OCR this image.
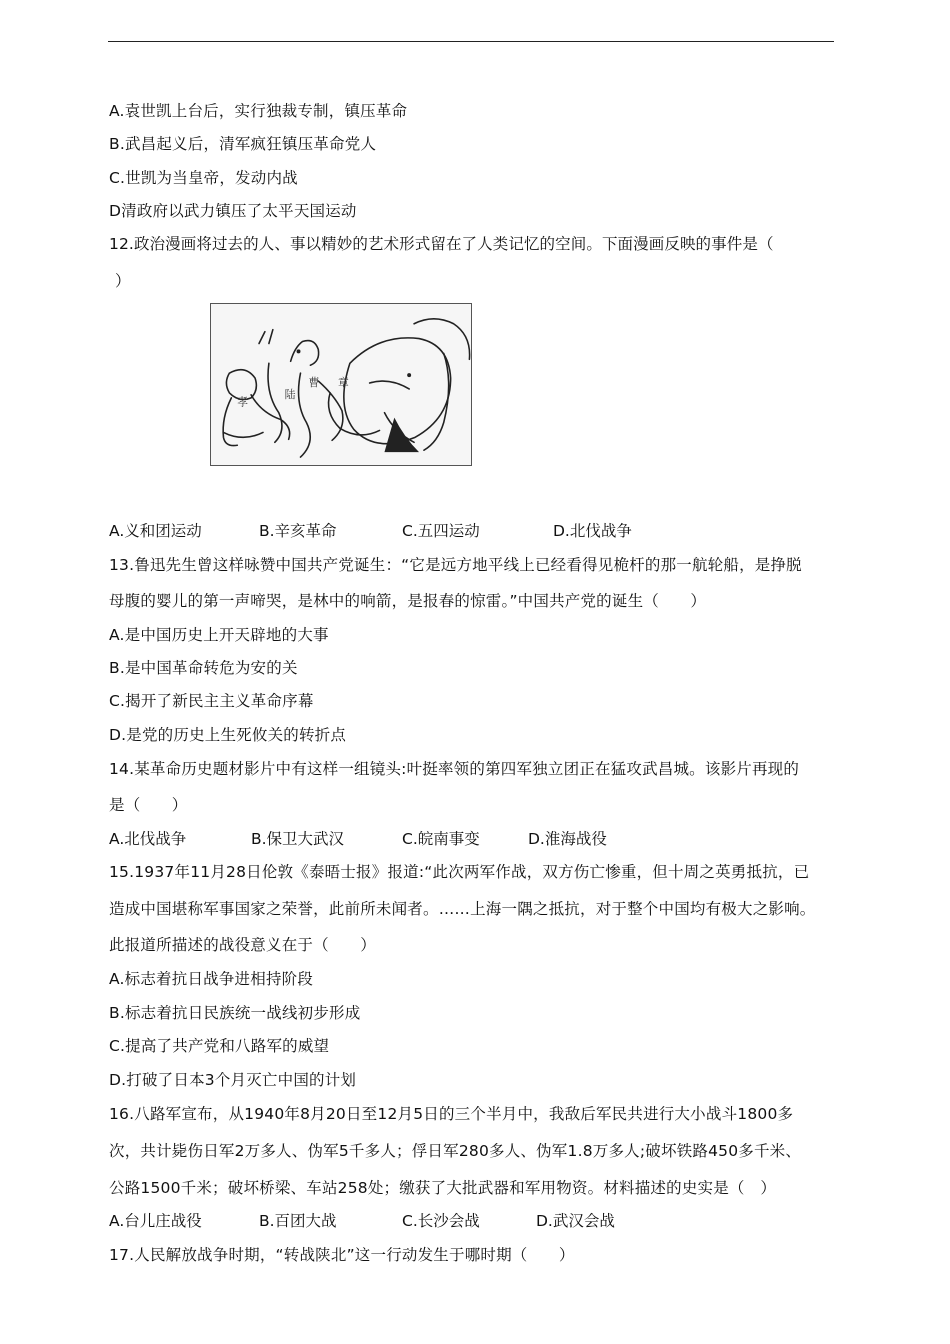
A.袁世凯上台后，实行独裁专制，镇压革命
B.武昌起义后，清军疯狂镇压革命党人
C.世凯为当皇帝，发动内战
D清政府以武力镇压了太平天国运动
12.政治漫画将过去的人、事以精妙的艺术形式留在了人类记忆的空间。下面漫画反映的事件是（
）
孝
陆
曹 章
A.义和团运动	B.辛亥革命	C.五四运动	D.北伐战争
13.鲁迅先生曾这样咏赞中国共产党诞生：“它是远方地平线上已经看得见桅杆的那一航轮船，是挣脱
母腹的婴儿的第一声啼哭，是林中的响箭，是报春的惊雷。”中国共产党的诞生（　　）
A.是中国历史上开天辟地的大事
B.是中国革命转危为安的关
C.揭开了新民主主义革命序幕
D.是党的历史上生死攸关的转折点
14.某革命历史题材影片中有这样一组镜头:叶挺率领的第四军独立团正在猛攻武昌城。该影片再现的
是（　　）
A.北伐战争	B.保卫大武汉	C.皖南事变	D.淮海战役
15.1937年11月28日伦敦《泰晤士报》报道:“此次两军作战，双方伤亡惨重，但十周之英勇抵抗，已
造成中国堪称军事国家之荣誉，此前所未闻者。……上海一隅之抵抗，对于整个中国均有极大之影响。
此报道所描述的战役意义在于（　　）
A.标志着抗日战争进相持阶段
B.标志着抗日民族统一战线初步形成
C.提高了共产党和八路军的威望
D.打破了日本3个月灭亡中国的计划
16.八路军宣布，从1940年8月20日至12月5日的三个半月中，我敌后军民共进行大小战斗1800多
次，共计毙伤日军2万多人、伪军5千多人；俘日军280多人、伪军1.8万多人;破坏铁路450多千米、
公路1500千米；破坏桥梁、车站258处；缴获了大批武器和军用物资。材料描述的史实是（　）
A.台儿庄战役	B.百团大战	C.长沙会战	D.武汉会战
17.人民解放战争时期，“转战陕北”这一行动发生于哪时期（　　）
